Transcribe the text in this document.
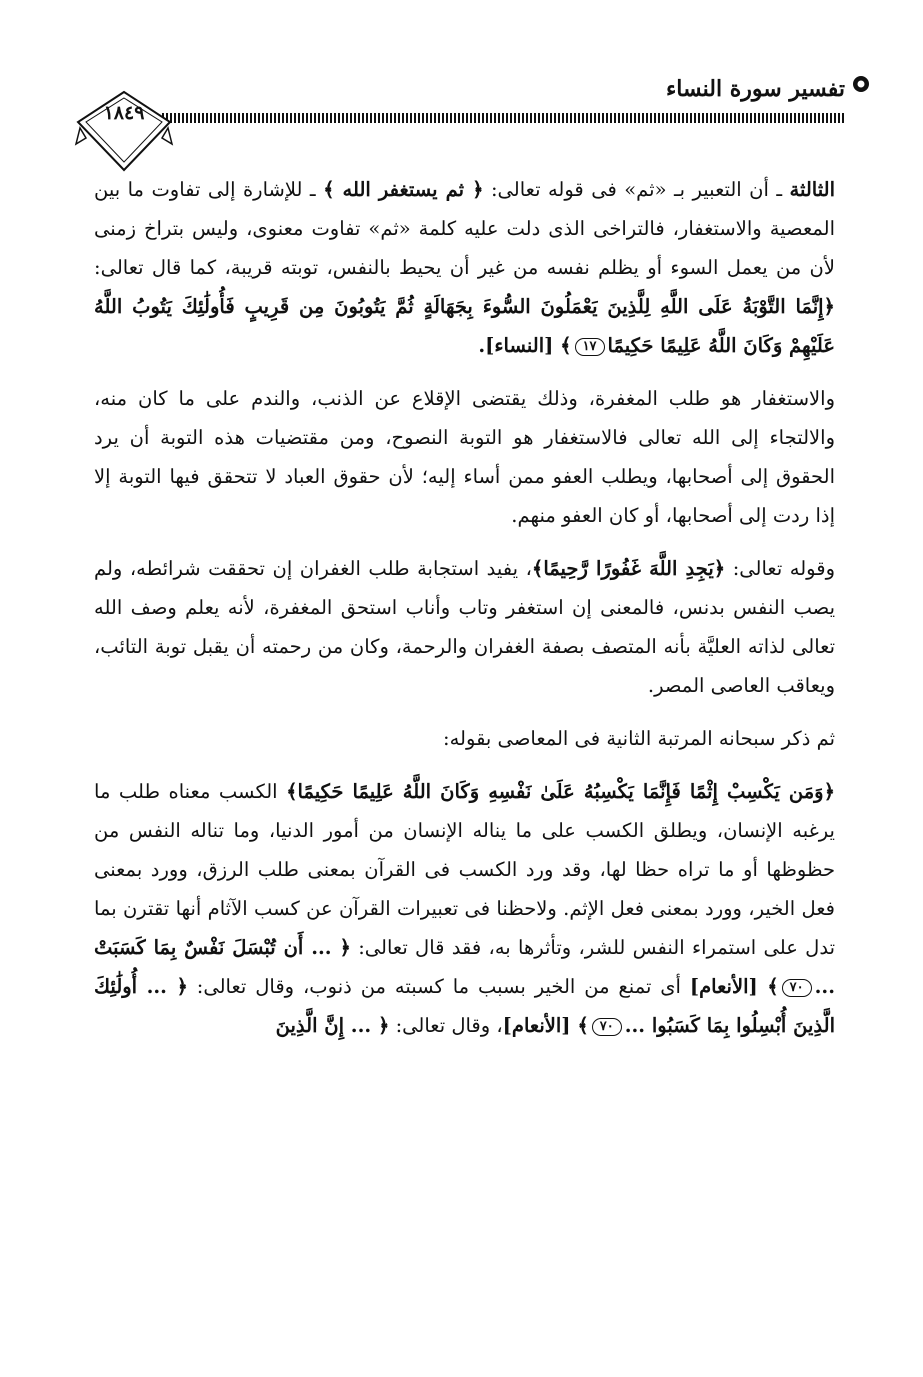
تفسير سورة النساء
١٨٤٩

الثالثة ـ أن التعبير بـ «ثم» فى قوله تعالى: ﴿ ثم يستغفر الله ﴾ ـ للإشارة إلى تفاوت ما بين المعصية والاستغفار، فالتراخى الذى دلت عليه كلمة «ثم» تفاوت معنوى، وليس بتراخ زمنى لأن من يعمل السوء أو يظلم نفسه من غير أن يحيط بالنفس، توبته قريبة، كما قال تعالى: ﴿إِنَّمَا التَّوْبَةُ عَلَى اللَّهِ لِلَّذِينَ يَعْمَلُونَ السُّوءَ بِجَهَالَةٍ ثُمَّ يَتُوبُونَ مِن قَرِيبٍ فَأُولَٰئِكَ يَتُوبُ اللَّهُ عَلَيْهِمْ وَكَانَ اللَّهُ عَلِيمًا حَكِيمًا١٧﴾ [النساء].

والاستغفار هو طلب المغفرة، وذلك يقتضى الإقلاع عن الذنب، والندم على ما كان منه، والالتجاء إلى الله تعالى فالاستغفار هو التوبة النصوح، ومن مقتضيات هذه التوبة أن يرد الحقوق إلى أصحابها، ويطلب العفو ممن أساء إليه؛ لأن حقوق العباد لا تتحقق فيها التوبة إلا إذا ردت إلى أصحابها، أو كان العفو منهم.

وقوله تعالى: ﴿يَجِدِ اللَّهَ غَفُورًا رَّحِيمًا﴾، يفيد استجابة طلب الغفران إن تحققت شرائطه، ولم يصب النفس بدنس، فالمعنى إن استغفر وتاب وأناب استحق المغفرة، لأنه يعلم وصف الله تعالى لذاته العليَّة بأنه المتصف بصفة الغفران والرحمة، وكان من رحمته أن يقبل توبة التائب، ويعاقب العاصى المصر.

ثم ذكر سبحانه المرتبة الثانية فى المعاصى بقوله:

﴿وَمَن يَكْسِبْ إِثْمًا فَإِنَّمَا يَكْسِبُهُ عَلَىٰ نَفْسِهِ وَكَانَ اللَّهُ عَلِيمًا حَكِيمًا﴾ الكسب معناه طلب ما يرغبه الإنسان، ويطلق الكسب على ما يناله الإنسان من أمور الدنيا، وما تناله النفس من حظوظها أو ما تراه حظا لها، وقد ورد الكسب فى القرآن بمعنى طلب الرزق، وورد بمعنى فعل الخير، وورد بمعنى فعل الإثم. ولاحظنا فى تعبيرات القرآن عن كسب الآثام أنها تقترن بما تدل على استمراء النفس للشر، وتأثرها به، فقد قال تعالى: ﴿ ... أَن تُبْسَلَ نَفْسٌ بِمَا كَسَبَتْ ...٧٠﴾ [الأنعام] أى تمنع من الخير بسبب ما كسبته من ذنوب، وقال تعالى: ﴿ ... أُولَٰئِكَ الَّذِينَ أُبْسِلُوا بِمَا كَسَبُوا ...٧٠﴾ [الأنعام]، وقال تعالى: ﴿ ... إِنَّ الَّذِينَ
